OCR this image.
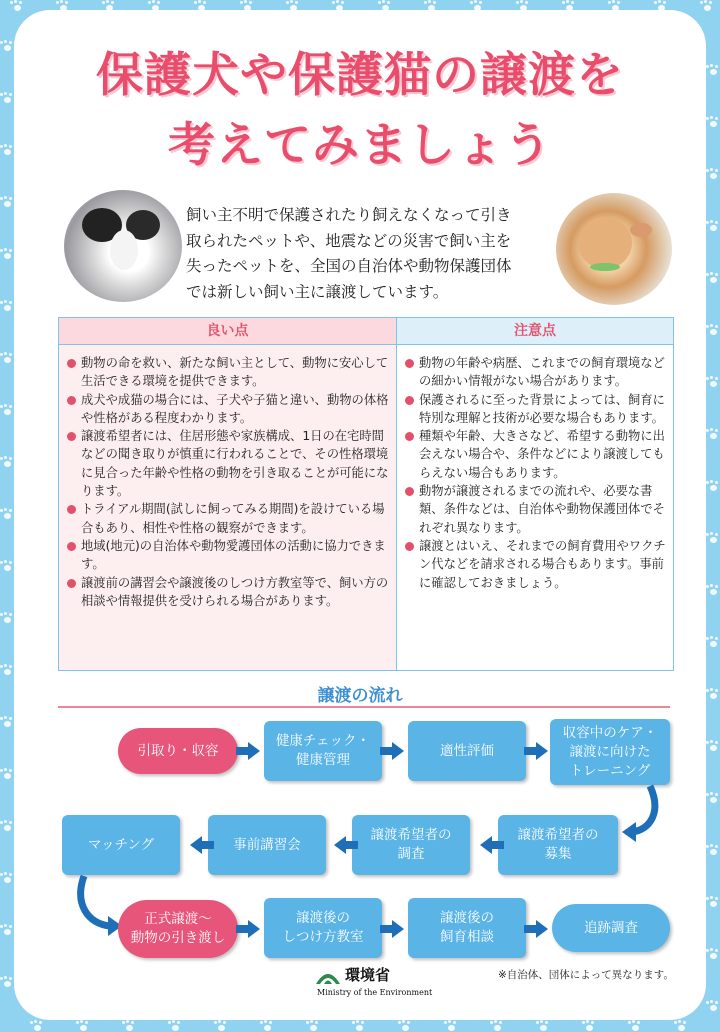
保護犬や保護猫の譲渡を
考えてみましょう
飼い主不明で保護されたり飼えなくなって引き
取られたペットや、地震などの災害で飼い主を
失ったペットを、全国の自治体や動物保護団体
では新しい飼い主に譲渡しています。
良い点

動物の命を救い、新たな飼い主として、動物に安心して生活できる環境を提供できます。

成犬や成猫の場合には、子犬や子猫と違い、動物の体格や性格がある程度わかります。

譲渡希望者には、住居形態や家族構成、1日の在宅時間などの聞き取りが慎重に行われることで、その性格環境に見合った年齢や性格の動物を引き取ることが可能になります。

トライアル期間(試しに飼ってみる期間)を設けている場合もあり、相性や性格の観察ができます。

地域(地元)の自治体や動物愛護団体の活動に協力できます。

譲渡前の講習会や譲渡後のしつけ方教室等で、飼い方の相談や情報提供を受けられる場合があります。

注意点

動物の年齢や病歴、これまでの飼育環境などの細かい情報がない場合があります。

保護されるに至った背景によっては、飼育に特別な理解と技術が必要な場合もあります。

種類や年齢、大きさなど、希望する動物に出会えない場合や、条件などにより譲渡してもらえない場合もあります。

動物が譲渡されるまでの流れや、必要な書類、条件などは、自治体や動物保護団体でそれぞれ異なります。

譲渡とはいえ、それまでの飼育費用やワクチン代などを請求される場合もあります。事前に確認しておきましょう。

譲渡の流れ
引取り・収容
健康チェック・
健康管理
適性評価
収容中のケア・
譲渡に向けた
トレーニング
譲渡希望者の
募集
譲渡希望者の
調査
事前講習会
マッチング
正式譲渡〜
動物の引き渡し
譲渡後の
しつけ方教室
譲渡後の
飼育相談
追跡調査
環境省
Ministry of the Environment
※自治体、団体によって異なります。
